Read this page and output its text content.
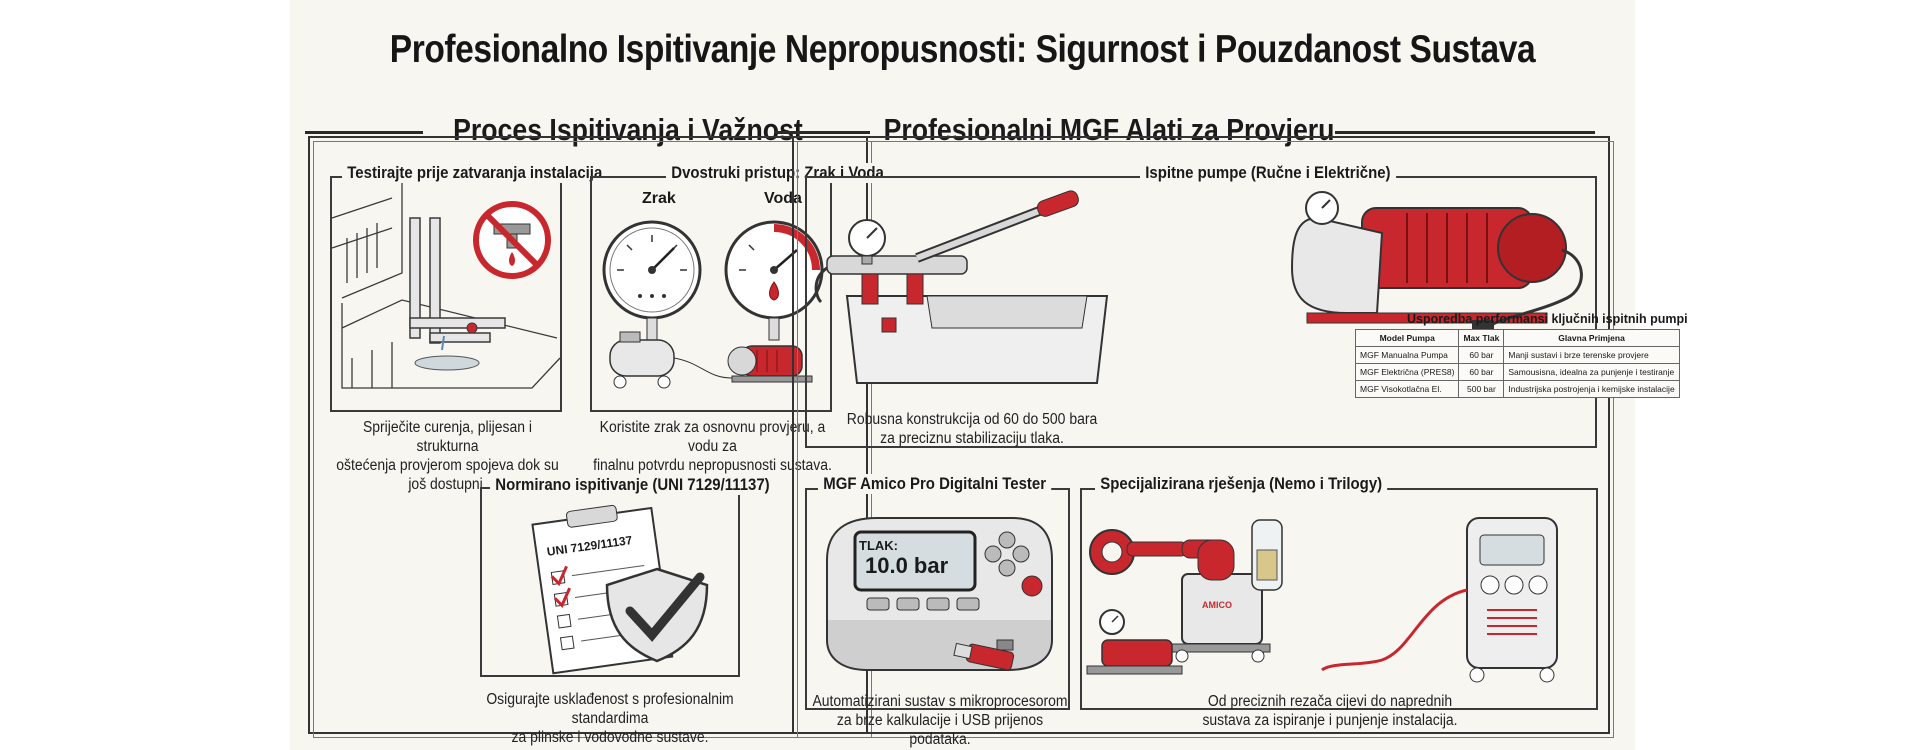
Profesionalno Ispitivanje Nepropusnosti: Sigurnost i Pouzdanost Sustava
Proces Ispitivanja i Važnost
Testirajte prije zatvaranja instalacija
Spriječite curenja, plijesan i strukturna
oštećenja provjerom spojeva dok su još dostupni.
Zrak	Voda
Dvostruki pristup: Zrak i Voda
Koristite zrak za osnovnu provjeru, a vodu za
finalnu potvrdu nepropusnosti sustava.
UNI 7129/11137
Normirano ispitivanje (UNI 7129/11137)
Osigurajte usklađenost s profesionalnim standardima
za plinske i vodovodne sustave.
Profesionalni MGF Alati za Provjeru
Usporedba performansi ključnih ispitnih pumpi
Model Pumpa	Max Tlak	Glavna Primjena
MGF Manualna Pumpa	60 bar	Manji sustavi i brze terenske provjere
MGF Električna (PRES8)	60 bar	Samousisna, idealna za punjenje i testiranje
MGF Visokotlačna El.	500 bar	Industrijska postrojenja i kemijske instalacije
Robusna konstrukcija od 60 do 500 bara
za preciznu stabilizaciju tlaka.
Ispitne pumpe (Ručne i Električne)
TLAK:
10.0 bar
MGF Amico Pro Digitalni Tester
Automatizirani sustav s mikroprocesorom
za brze kalkulacije i USB prijenos podataka.
AMICO
Specijalizirana rješenja (Nemo i Trilogy)
Od preciznih rezača cijevi do naprednih
sustava za ispiranje i punjenje instalacija.
